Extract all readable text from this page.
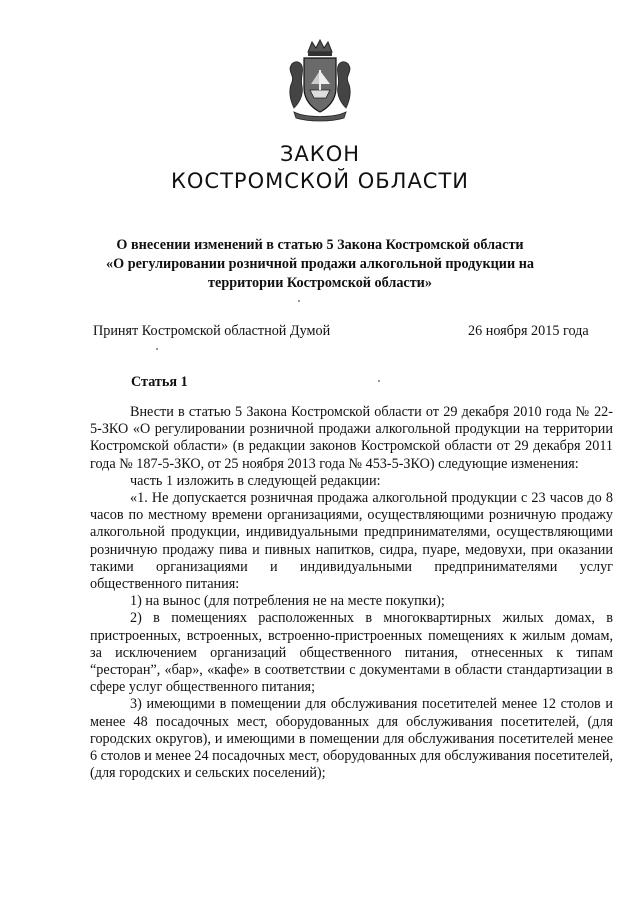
ЗАКОН
КОСТРОМСКОЙ ОБЛАСТИ
О внесении изменений в статью 5 Закона Костромской области
«О регулировании розничной продажи алкогольной продукции на
территории Костромской области»
Принят Костромской областной Думой	26 ноября 2015 года
Статья 1

Внести в статью 5 Закона Костромской области от 29 декабря 2010 года № 22-5-ЗКО «О регулировании розничной продажи алкогольной продукции на территории Костромской области» (в редакции законов Костромской области от 29 декабря 2011 года № 187-5-ЗКО, от 25 ноября 2013 года № 453-5-ЗКО) следующие изменения:

часть 1 изложить в следующей редакции:

«1. Не допускается розничная продажа алкогольной продукции с 23 часов до 8 часов по местному времени организациями, осуществляющими розничную продажу алкогольной продукции, индивидуальными предпринимателями, осуществляющими розничную продажу пива и пивных напитков, сидра, пуаре, медовухи, при оказании такими организациями и индивидуальными предпринимателями услуг общественного питания:

1) на вынос (для потребления не на месте покупки);

2) в помещениях расположенных в многоквартирных жилых домах, в пристроенных, встроенных, встроенно-пристроенных помещениях к жилым домам, за исключением организаций общественного питания, отнесенных к типам “ресторан”, «бар», «кафе» в соответствии с документами в области стандартизации в сфере услуг общественного питания;

3) имеющими в помещении для обслуживания посетителей менее 12 столов и менее 48 посадочных мест, оборудованных для обслуживания посетителей, (для городских округов), и имеющими в помещении для обслуживания посетителей менее 6 столов и менее 24 посадочных мест, оборудованных для обслуживания посетителей, (для городских и сельских поселений);
